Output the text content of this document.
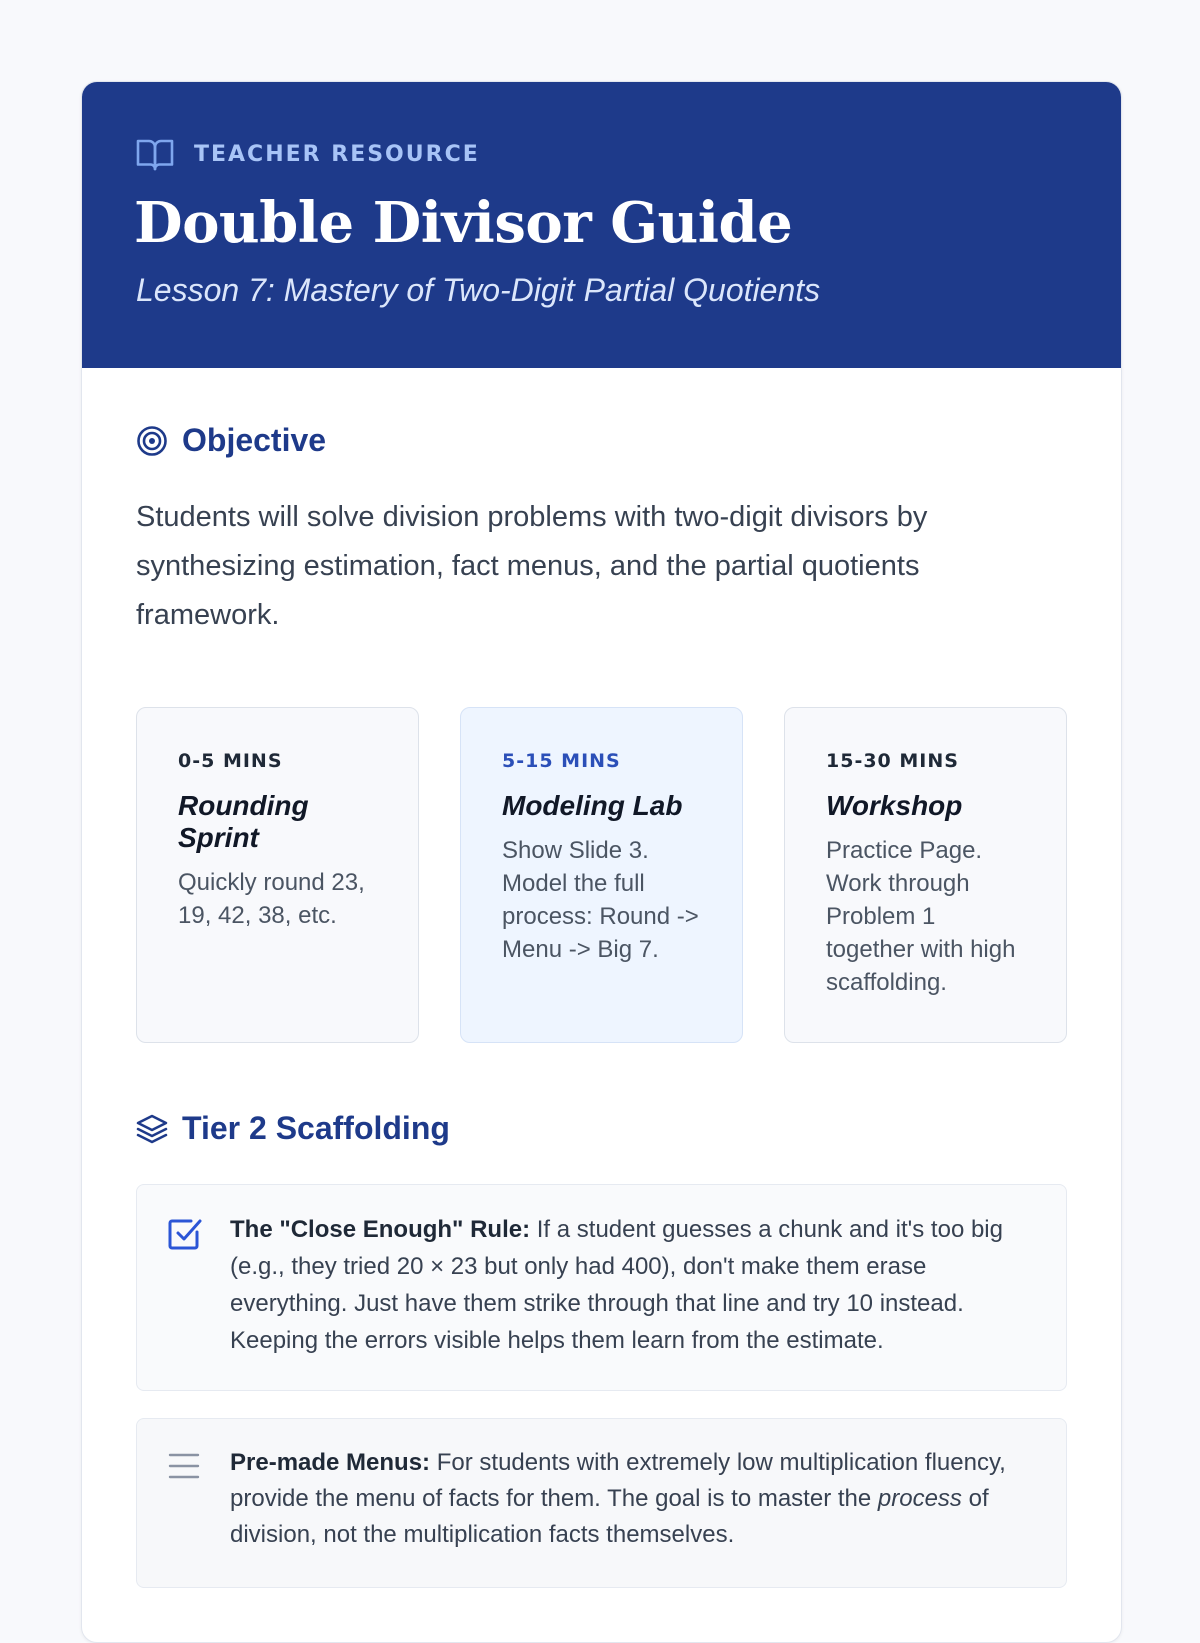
TEACHER RESOURCE
Double Divisor Guide

Lesson 7: Mastery of Two-Digit Partial Quotients

Objective

Students will solve division problems with two-digit divisors by synthesizing estimation, fact menus, and the partial quotients framework.

0-5 MINS
Rounding Sprint
Quickly round 23, 19, 42, 38, etc.
5-15 MINS
Modeling Lab
Show Slide 3. Model the full process: Round -> Menu -> Big 7.
15-30 MINS
Workshop
Practice Page. Work through Problem 1 together with high scaffolding.
Tier 2 Scaffolding

The "Close Enough" Rule: If a student guesses a chunk and it's too big (e.g., they tried 20 × 23 but only had 400), don't make them erase everything. Just have them strike through that line and try 10 instead. Keeping the errors visible helps them learn from the estimate.

Pre-made Menus: For students with extremely low multiplication fluency, provide the menu of facts for them. The goal is to master the process of division, not the multiplication facts themselves.
